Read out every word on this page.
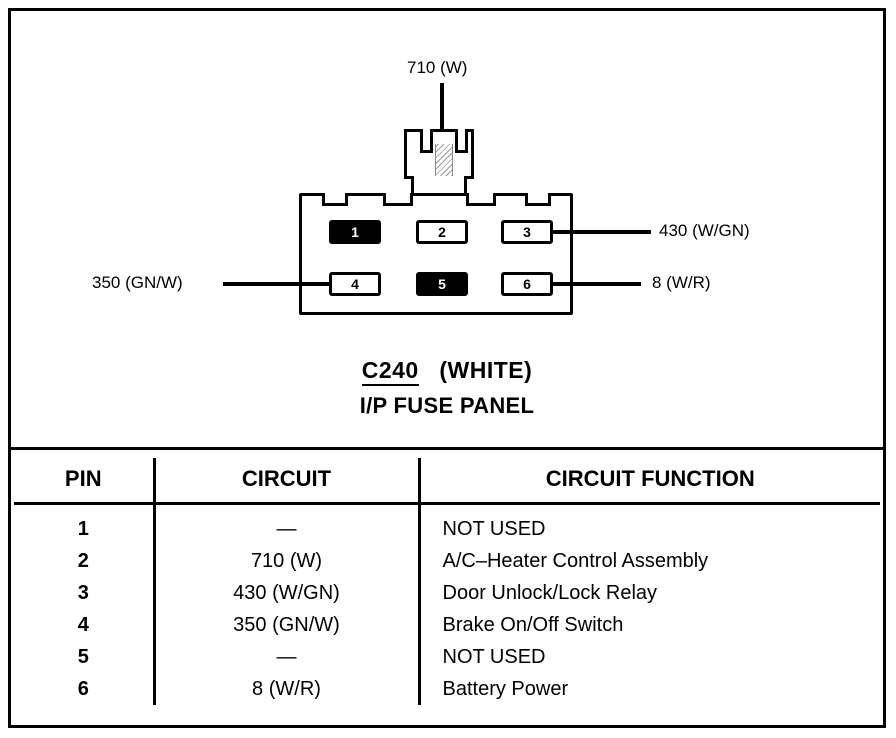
710 (W)
1	2	3
4	5	6
430 (W/GN)
8 (W/R)
350 (GN/W)
C240 (WHITE)
I/P FUSE PANEL
PIN	CIRCUIT	CIRCUIT FUNCTION
1	—	NOT USED
2	710 (W)	A/C–Heater Control Assembly
3	430 (W/GN)	Door Unlock/Lock Relay
4	350 (GN/W)	Brake On/Off Switch
5	—	NOT USED
6	8 (W/R)	Battery Power
